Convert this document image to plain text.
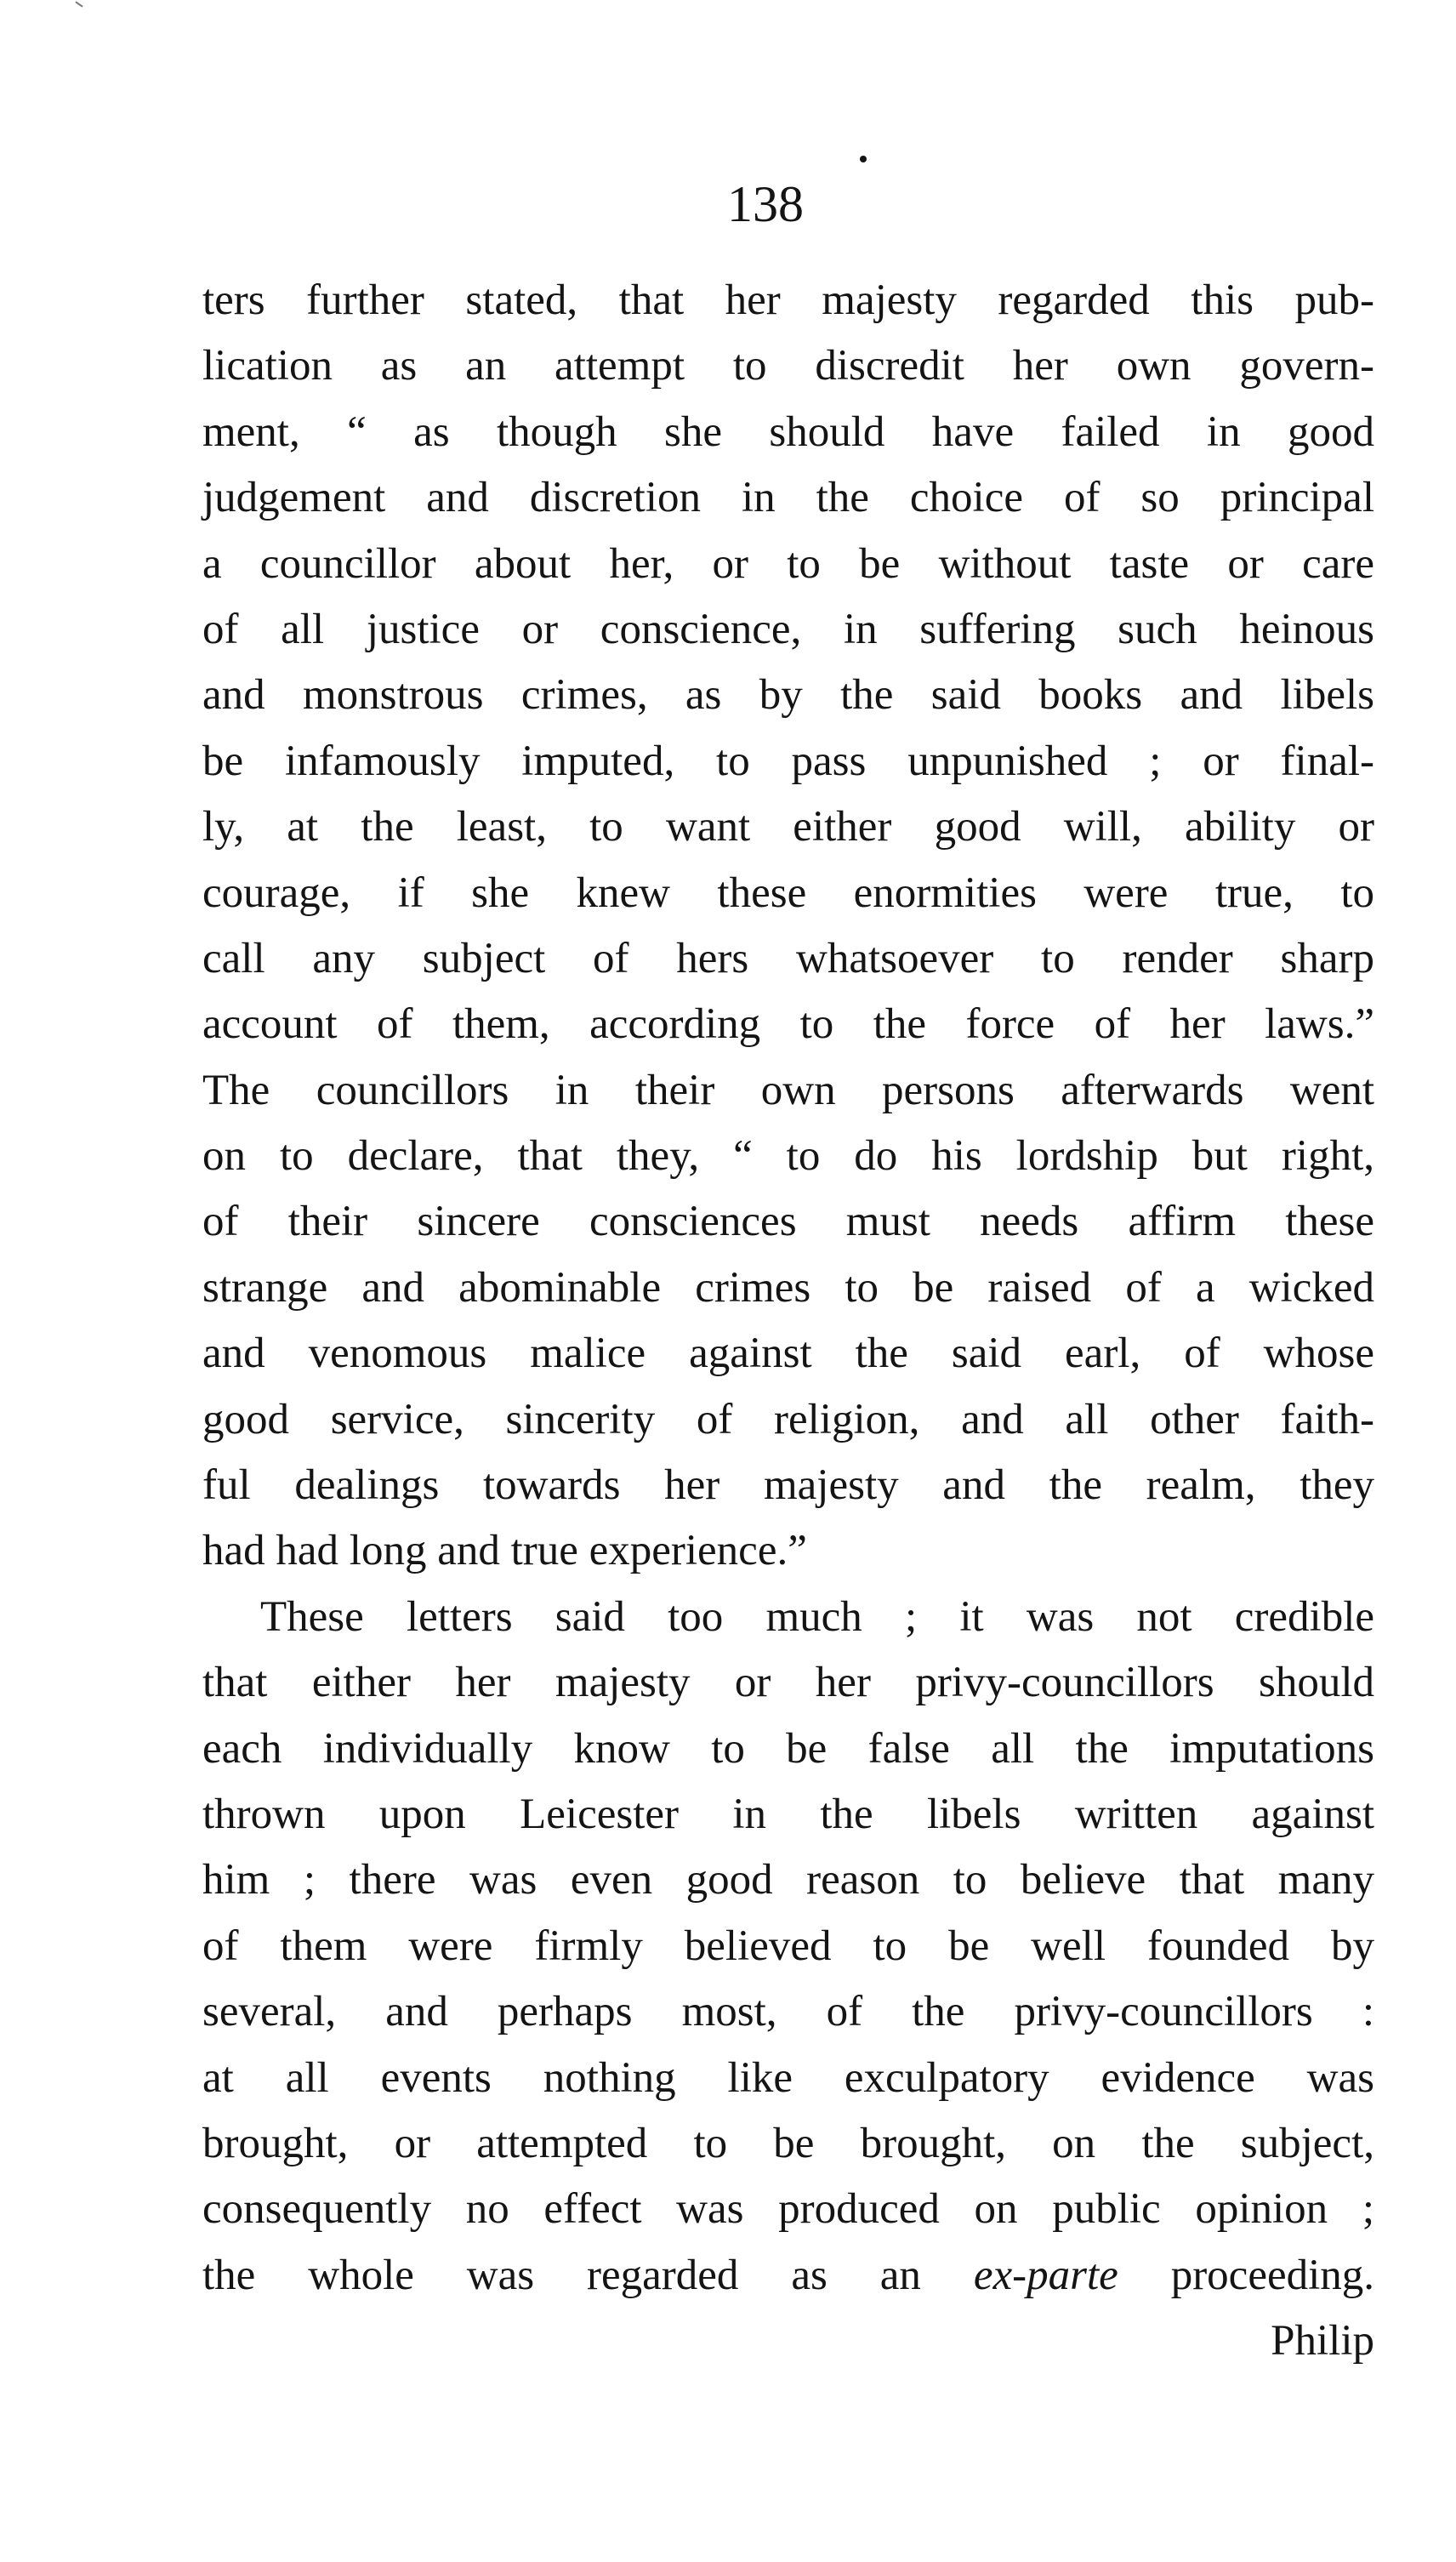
138
ters further stated, that her majesty regarded this pub-
lication as an attempt to discredit her own govern-
ment, “ as though she should have failed in good
judgement and discretion in the choice of so principal
a councillor about her, or to be without taste or care
of all justice or conscience, in suffering such heinous
and monstrous crimes, as by the said books and libels
be infamously imputed, to pass unpunished ; or final-
ly, at the least, to want either good will, ability or
courage, if she knew these enormities were true, to
call any subject of hers whatsoever to render sharp
account of them, according to the force of her laws.”
The councillors in their own persons afterwards went
on to declare, that they, “ to do his lordship but right,
of their sincere consciences must needs affirm these
strange and abominable crimes to be raised of a wicked
and venomous malice against the said earl, of whose
good service, sincerity of religion, and all other faith-
ful dealings towards her majesty and the realm, they
had had long and true experience.”
These letters said too much ; it was not credible
that either her majesty or her privy-councillors should
each individually know to be false all the imputations
thrown upon Leicester in the libels written against
him ; there was even good reason to believe that many
of them were firmly believed to be well founded by
several, and perhaps most, of the privy-councillors :
at all events nothing like exculpatory evidence was
brought, or attempted to be brought, on the subject,
consequently no effect was produced on public opinion ;
the whole was regarded as an ex-parte proceeding.
Philip
